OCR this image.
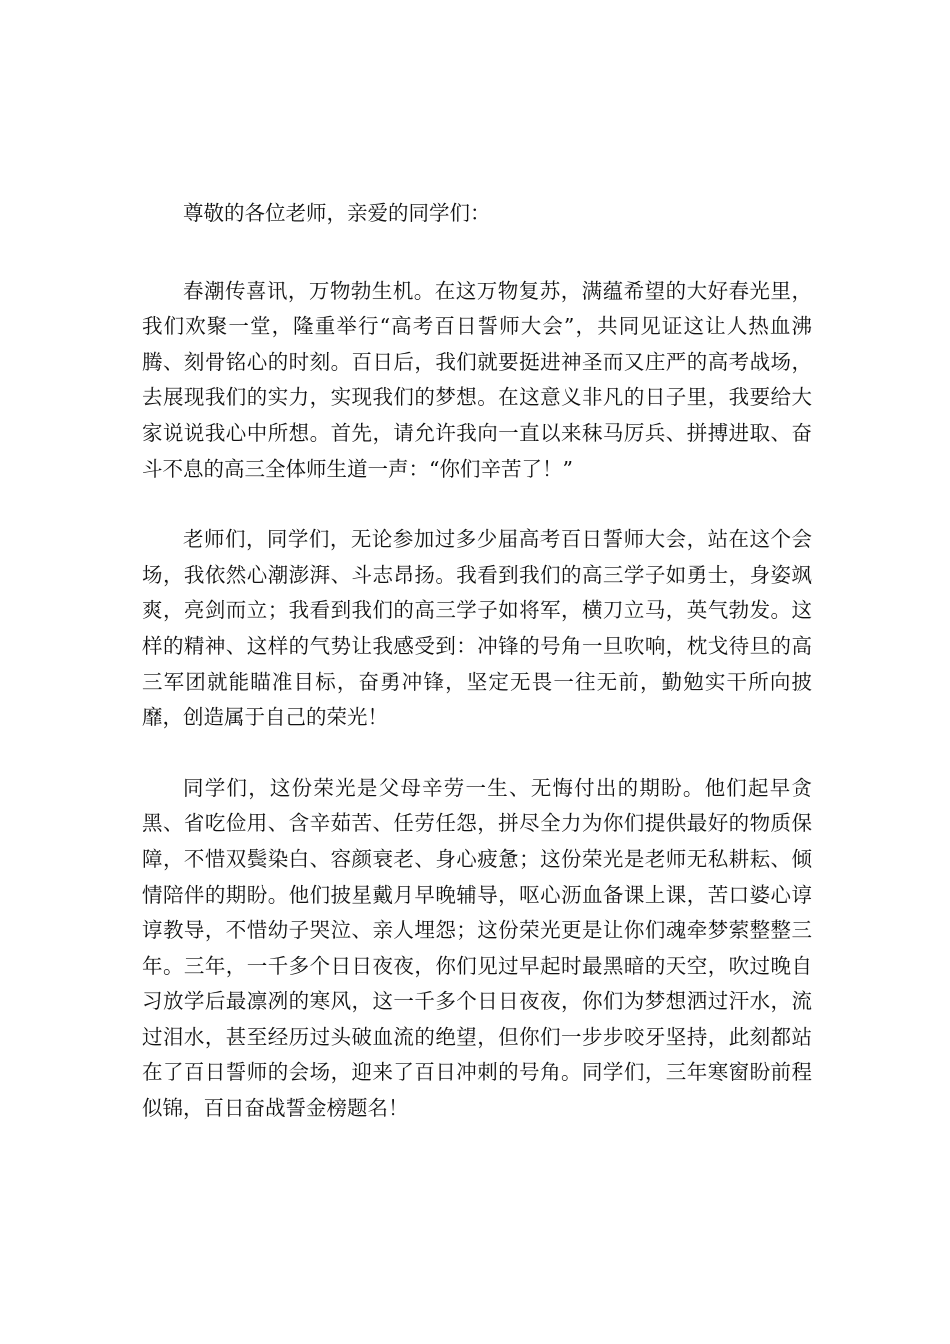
尊敬的各位老师，亲爱的同学们：

春潮传喜讯，万物勃生机。在这万物复苏，满蕴希望的大好春光里，我们欢聚一堂，隆重举行“高考百日誓师大会”，共同见证这让人热血沸腾、刻骨铭心的时刻。百日后，我们就要挺进神圣而又庄严的高考战场，去展现我们的实力，实现我们的梦想。在这意义非凡的日子里，我要给大家说说我心中所想。首先，请允许我向一直以来秣马厉兵、拼搏进取、奋斗不息的高三全体师生道一声：“你们辛苦了！”

老师们，同学们，无论参加过多少届高考百日誓师大会，站在这个会场，我依然心潮澎湃、斗志昂扬。我看到我们的高三学子如勇士，身姿飒爽，亮剑而立；我看到我们的高三学子如将军，横刀立马，英气勃发。这样的精神、这样的气势让我感受到：冲锋的号角一旦吹响，枕戈待旦的高三军团就能瞄准目标，奋勇冲锋，坚定无畏一往无前，勤勉实干所向披靡，创造属于自己的荣光！

同学们，这份荣光是父母辛劳一生、无悔付出的期盼。他们起早贪黑、省吃俭用、含辛茹苦、任劳任怨，拼尽全力为你们提供最好的物质保障，不惜双鬓染白、容颜衰老、身心疲惫；这份荣光是老师无私耕耘、倾情陪伴的期盼。他们披星戴月早晚辅导，呕心沥血备课上课，苦口婆心谆谆教导，不惜幼子哭泣、亲人埋怨；这份荣光更是让你们魂牵梦萦整整三年。三年，一千多个日日夜夜，你们见过早起时最黑暗的天空，吹过晚自习放学后最凛冽的寒风，这一千多个日日夜夜，你们为梦想洒过汗水，流过泪水，甚至经历过头破血流的绝望，但你们一步步咬牙坚持，此刻都站在了百日誓师的会场，迎来了百日冲刺的号角。同学们，三年寒窗盼前程似锦，百日奋战誓金榜题名！
